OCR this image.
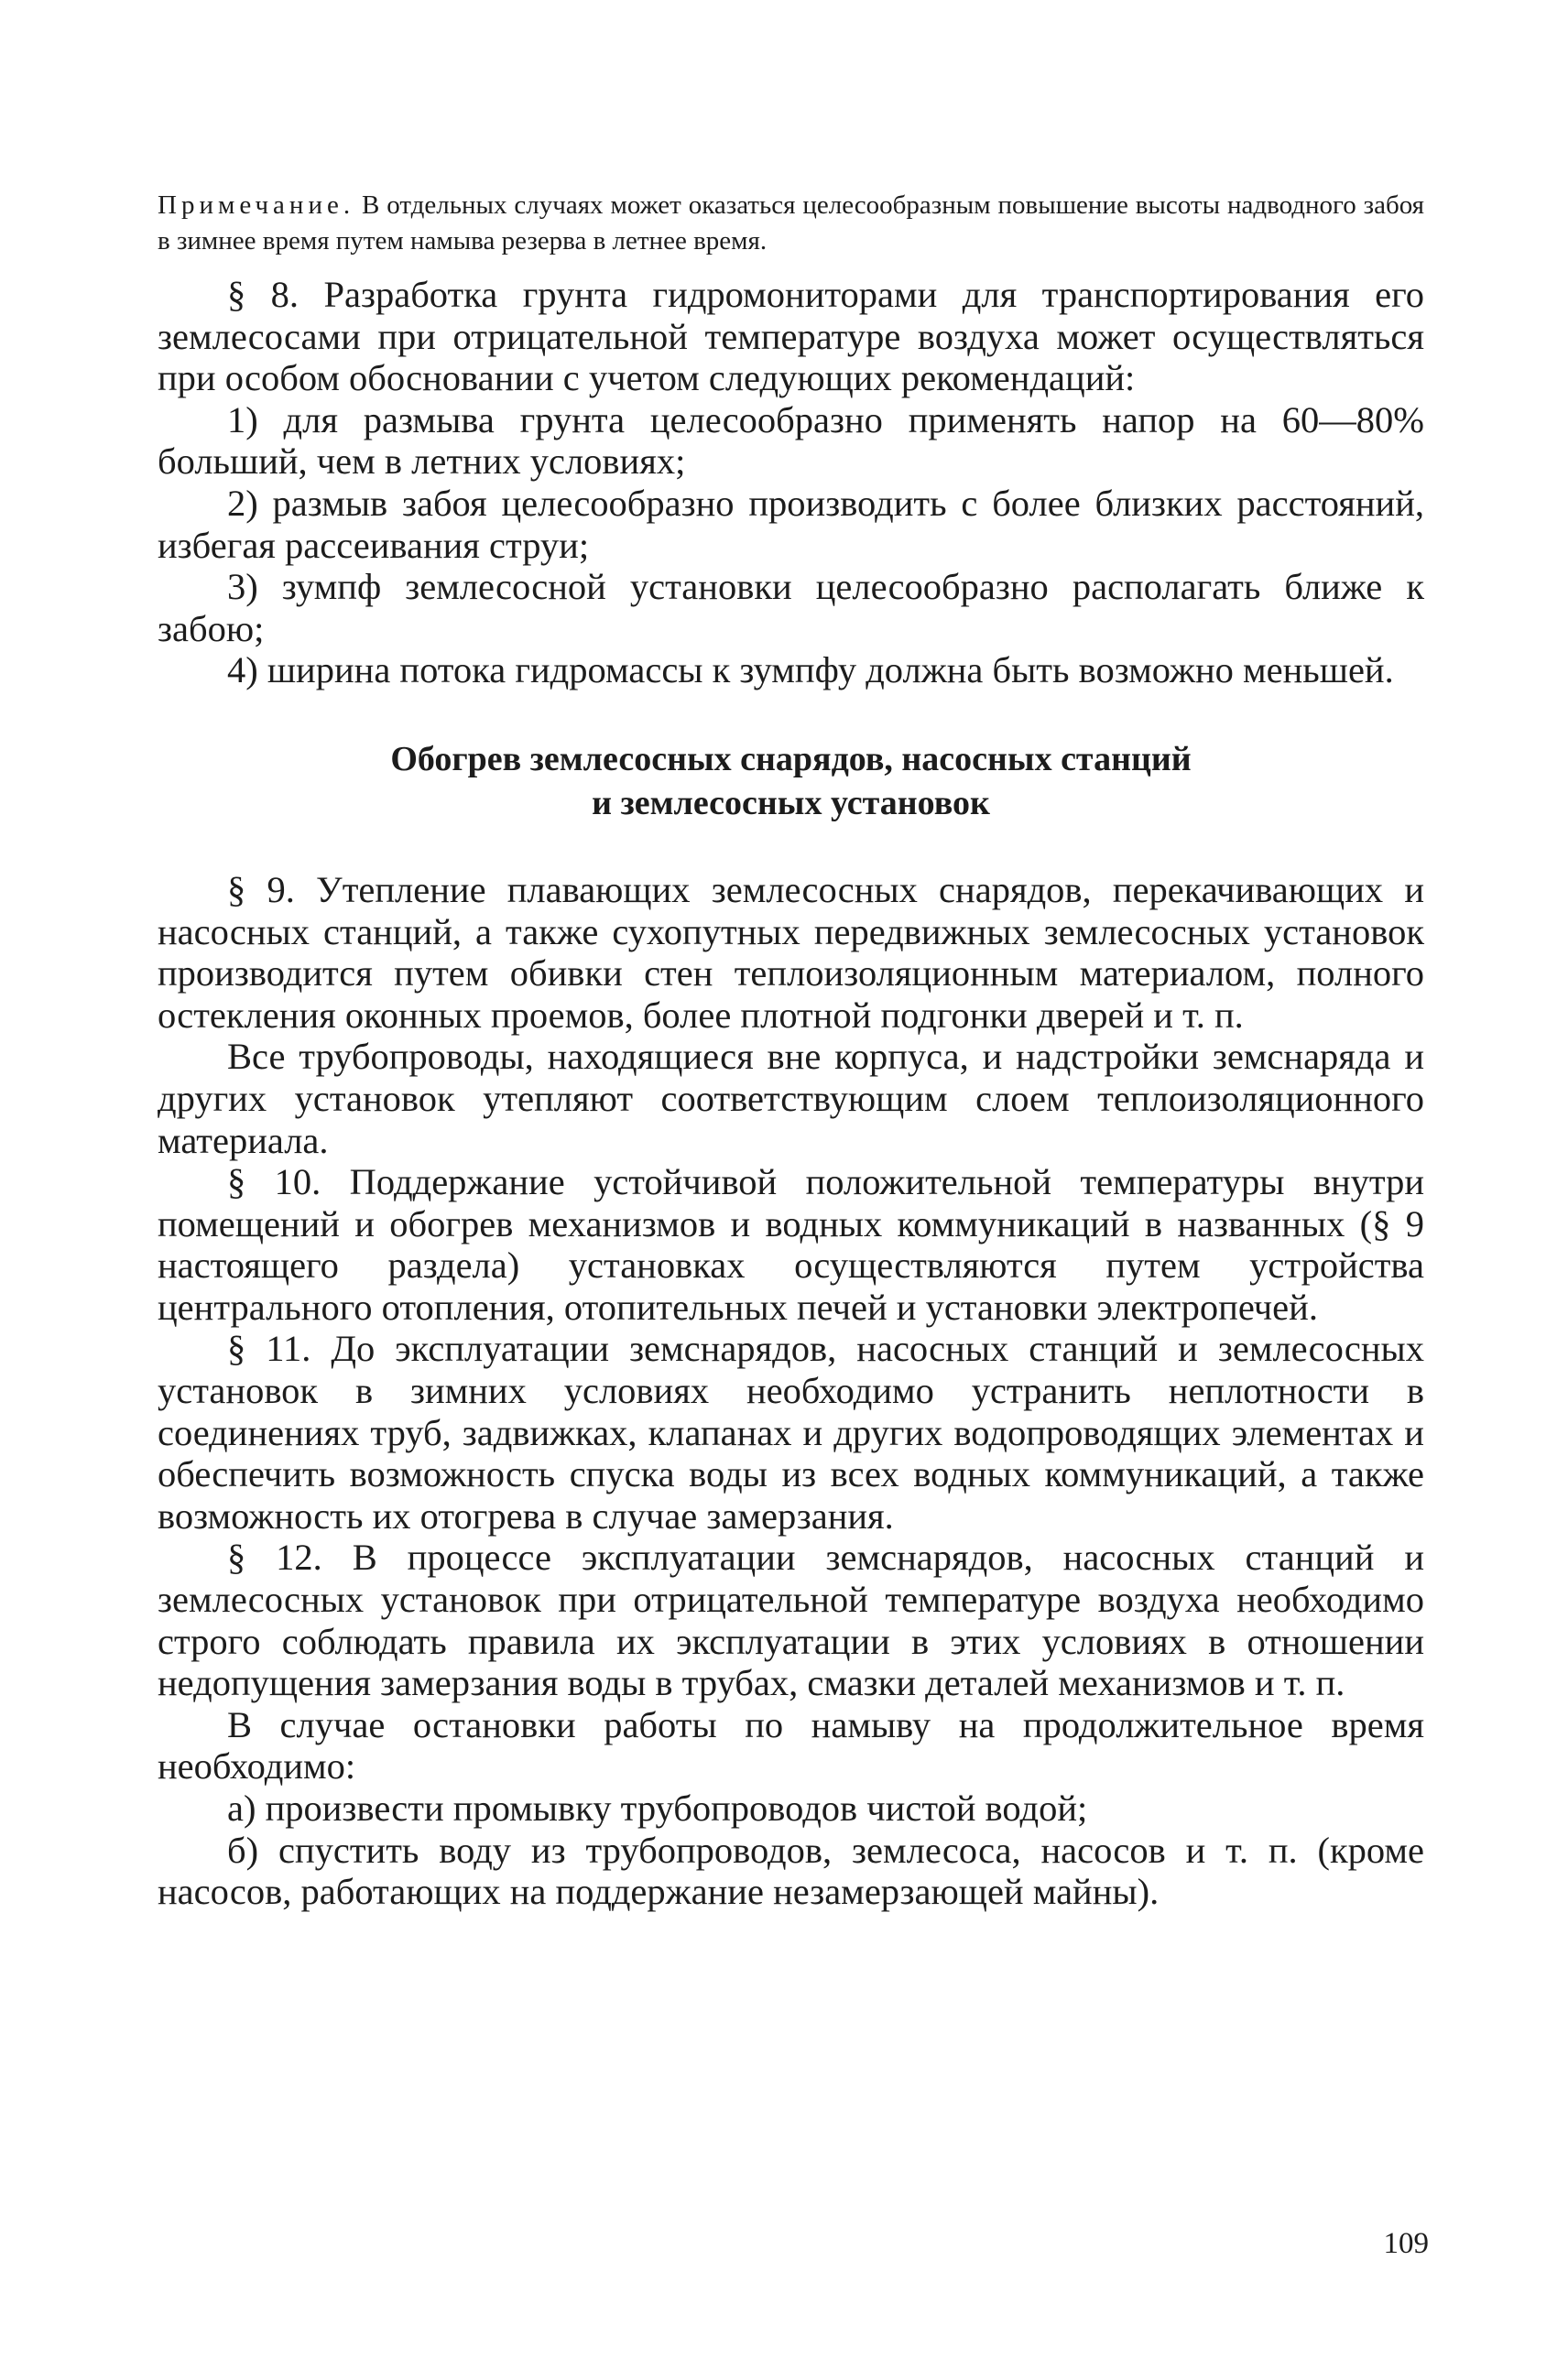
Примечание. В отдельных случаях может оказаться целесообразным повышение высоты надводного забоя в зимнее время путем намыва резерва в летнее время.

§ 8. Разработка грунта гидромониторами для транспортирования его землесосами при отрицательной температуре воздуха может осуществляться при особом обосновании с учетом следующих рекомендаций:

1) для размыва грунта целесообразно применять напор на 60—80% больший, чем в летних условиях;

2) размыв забоя целесообразно производить с более близких расстояний, избегая рассеивания струи;

3) зумпф землесосной установки целесообразно располагать ближе к забою;

4) ширина потока гидромассы к зумпфу должна быть возможно меньшей.

Обогрев землесосных снарядов, насосных станций
и землесосных установок

§ 9. Утепление плавающих землесосных снарядов, перекачивающих и насосных станций, а также сухопутных передвижных землесосных установок производится путем обивки стен теплоизоляционным материалом, полного остекления оконных проемов, более плотной подгонки дверей и т. п.

Все трубопроводы, находящиеся вне корпуса, и надстройки земснаряда и других установок утепляют соответствующим слоем теплоизоляционного материала.

§ 10. Поддержание устойчивой положительной температуры внутри помещений и обогрев механизмов и водных коммуникаций в названных (§ 9 настоящего раздела) установках осуществляются путем устройства центрального отопления, отопительных печей и установки электропечей.

§ 11. До эксплуатации земснарядов, насосных станций и землесосных установок в зимних условиях необходимо устранить неплотности в соединениях труб, задвижках, клапанах и других водопроводящих элементах и обеспечить возможность спуска воды из всех водных коммуникаций, а также возможность их отогрева в случае замерзания.

§ 12. В процессе эксплуатации земснарядов, насосных станций и землесосных установок при отрицательной температуре воздуха необходимо строго соблюдать правила их эксплуатации в этих условиях в отношении недопущения замерзания воды в трубах, смазки деталей механизмов и т. п.

В случае остановки работы по намыву на продолжительное время необходимо:

а) произвести промывку трубопроводов чистой водой;

б) спустить воду из трубопроводов, землесоса, насосов и т. п. (кроме насосов, работающих на поддержание незамерзающей майны).

109
